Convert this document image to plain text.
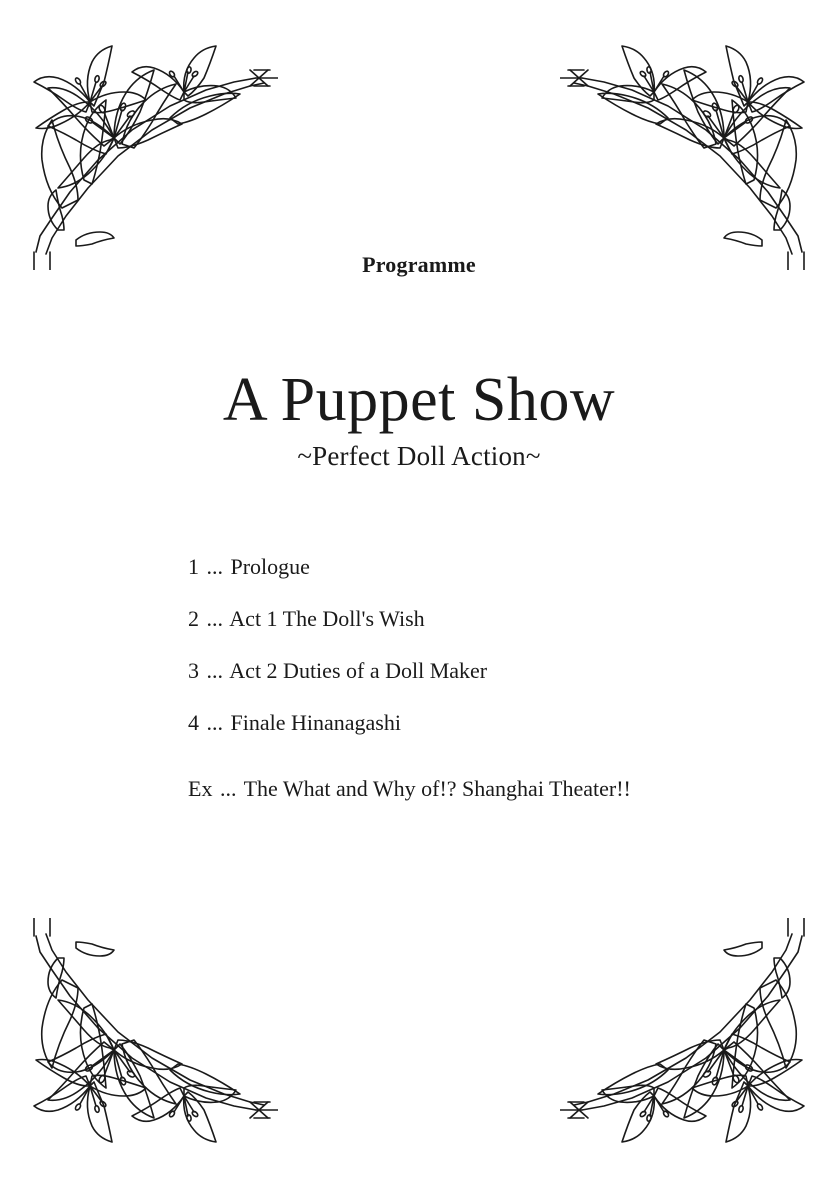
Programme
A Puppet Show
~Perfect Doll Action~
1 ... Prologue
2 ... Act 1 The Doll's Wish
3 ... Act 2 Duties of a Doll Maker
4 ... Finale Hinanagashi
Ex ... The What and Why of!? Shanghai Theater!!
